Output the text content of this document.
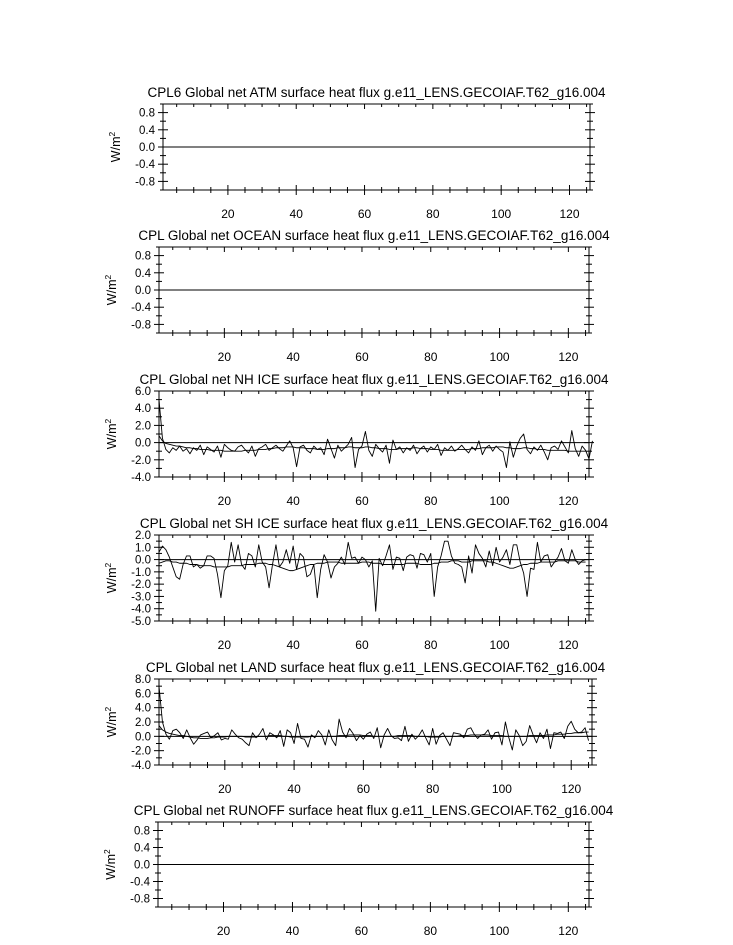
CPL6 Global net ATM surface heat flux g.e11_LENS.GECOIAF.T62_g16.004
20	40	60	80	100	120
-0.8
-0.4
0.0
0.4
0.8
$W/m^2$
CPL Global net OCEAN surface heat flux g.e11_LENS.GECOIAF.T62_g16.004
20	40	60	80	100	120
-0.8
-0.4
0.0
0.4
0.8
$W/m^2$
CPL Global net NH ICE surface heat flux g.e11_LENS.GECOIAF.T62_g16.004
20	40	60	80	100	120
-4.0
-2.0
0.0
2.0
4.0
6.0
$W/m^2$
CPL Global net SH ICE surface heat flux g.e11_LENS.GECOIAF.T62_g16.004
20	40	60	80	100	120
-5.0
-4.0
-3.0
-2.0
-1.0
0.0
1.0
2.0
$W/m^2$
CPL Global net LAND surface heat flux g.e11_LENS.GECOIAF.T62_g16.004
20	40	60	80	100	120
-4.0
-2.0
0.0
2.0
4.0
6.0
8.0
$W/m^2$
CPL Global net RUNOFF surface heat flux g.e11_LENS.GECOIAF.T62_g16.004
20	40	60	80	100	120
-0.8
-0.4
0.0
0.4
0.8
$W/m^2$
